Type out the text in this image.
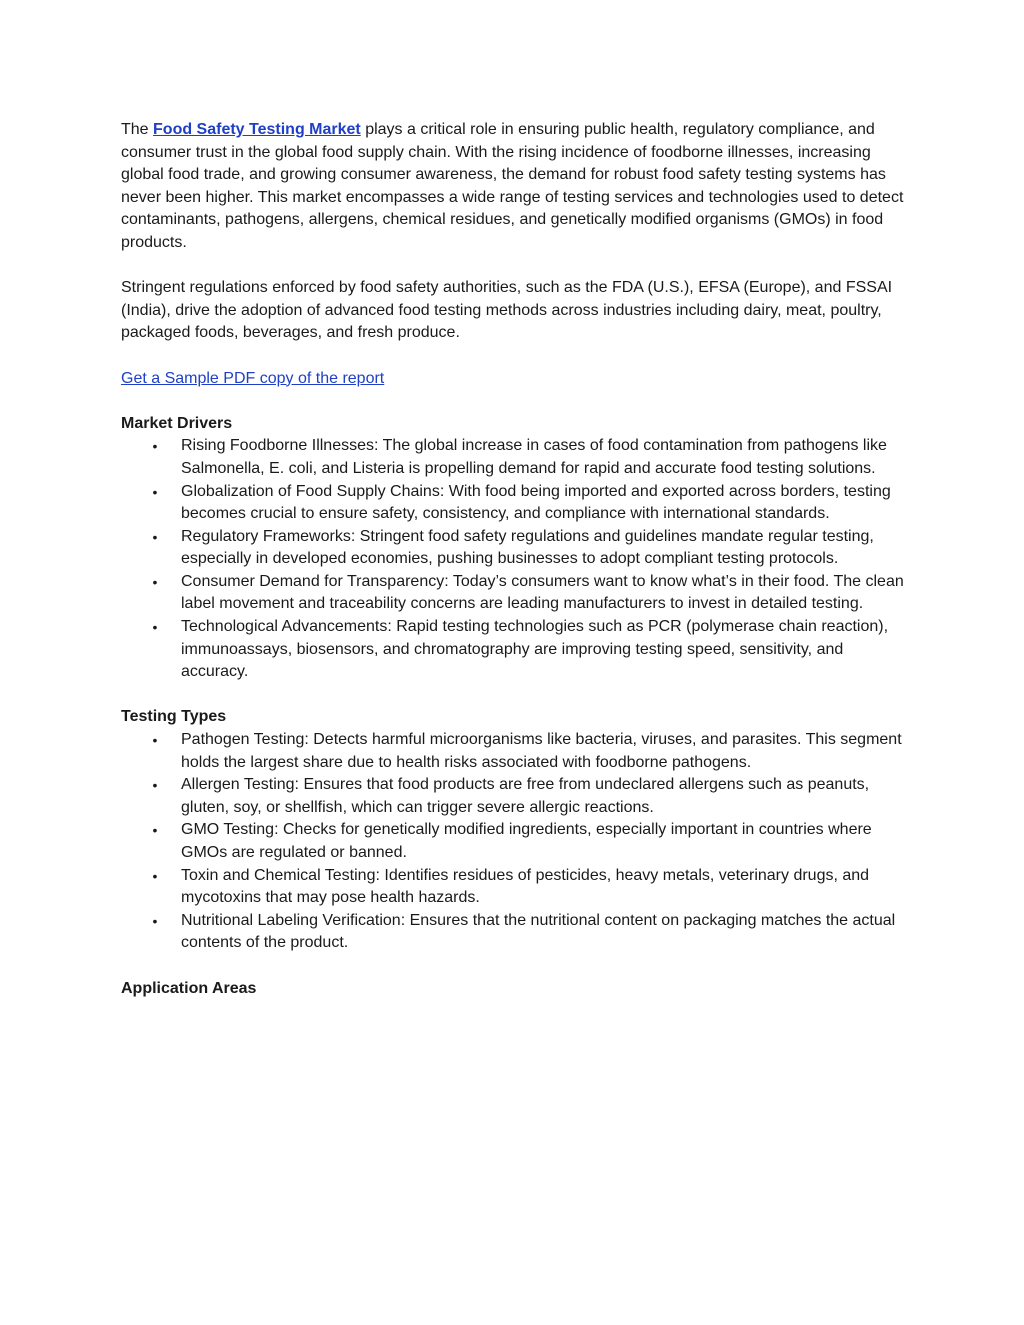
The Food Safety Testing Market plays a critical role in ensuring public health, regulatory compliance, and consumer trust in the global food supply chain. With the rising incidence of foodborne illnesses, increasing global food trade, and growing consumer awareness, the demand for robust food safety testing systems has never been higher. This market encompasses a wide range of testing services and technologies used to detect contaminants, pathogens, allergens, chemical residues, and genetically modified organisms (GMOs) in food products.

Stringent regulations enforced by food safety authorities, such as the FDA (U.S.), EFSA (Europe), and FSSAI (India), drive the adoption of advanced food testing methods across industries including dairy, meat, poultry, packaged foods, beverages, and fresh produce.

Get a Sample PDF copy of the report

Market Drivers

• Rising Foodborne Illnesses: The global increase in cases of food contamination from pathogens like Salmonella, E. coli, and Listeria is propelling demand for rapid and accurate food testing solutions.
• Globalization of Food Supply Chains: With food being imported and exported across borders, testing becomes crucial to ensure safety, consistency, and compliance with international standards.
• Regulatory Frameworks: Stringent food safety regulations and guidelines mandate regular testing, especially in developed economies, pushing businesses to adopt compliant testing protocols.
• Consumer Demand for Transparency: Today’s consumers want to know what’s in their food. The clean label movement and traceability concerns are leading manufacturers to invest in detailed testing.
• Technological Advancements: Rapid testing technologies such as PCR (polymerase chain reaction), immunoassays, biosensors, and chromatography are improving testing speed, sensitivity, and accuracy.

Testing Types

• Pathogen Testing: Detects harmful microorganisms like bacteria, viruses, and parasites. This segment holds the largest share due to health risks associated with foodborne pathogens.
• Allergen Testing: Ensures that food products are free from undeclared allergens such as peanuts, gluten, soy, or shellfish, which can trigger severe allergic reactions.
• GMO Testing: Checks for genetically modified ingredients, especially important in countries where GMOs are regulated or banned.
• Toxin and Chemical Testing: Identifies residues of pesticides, heavy metals, veterinary drugs, and mycotoxins that may pose health hazards.
• Nutritional Labeling Verification: Ensures that the nutritional content on packaging matches the actual contents of the product.

Application Areas
